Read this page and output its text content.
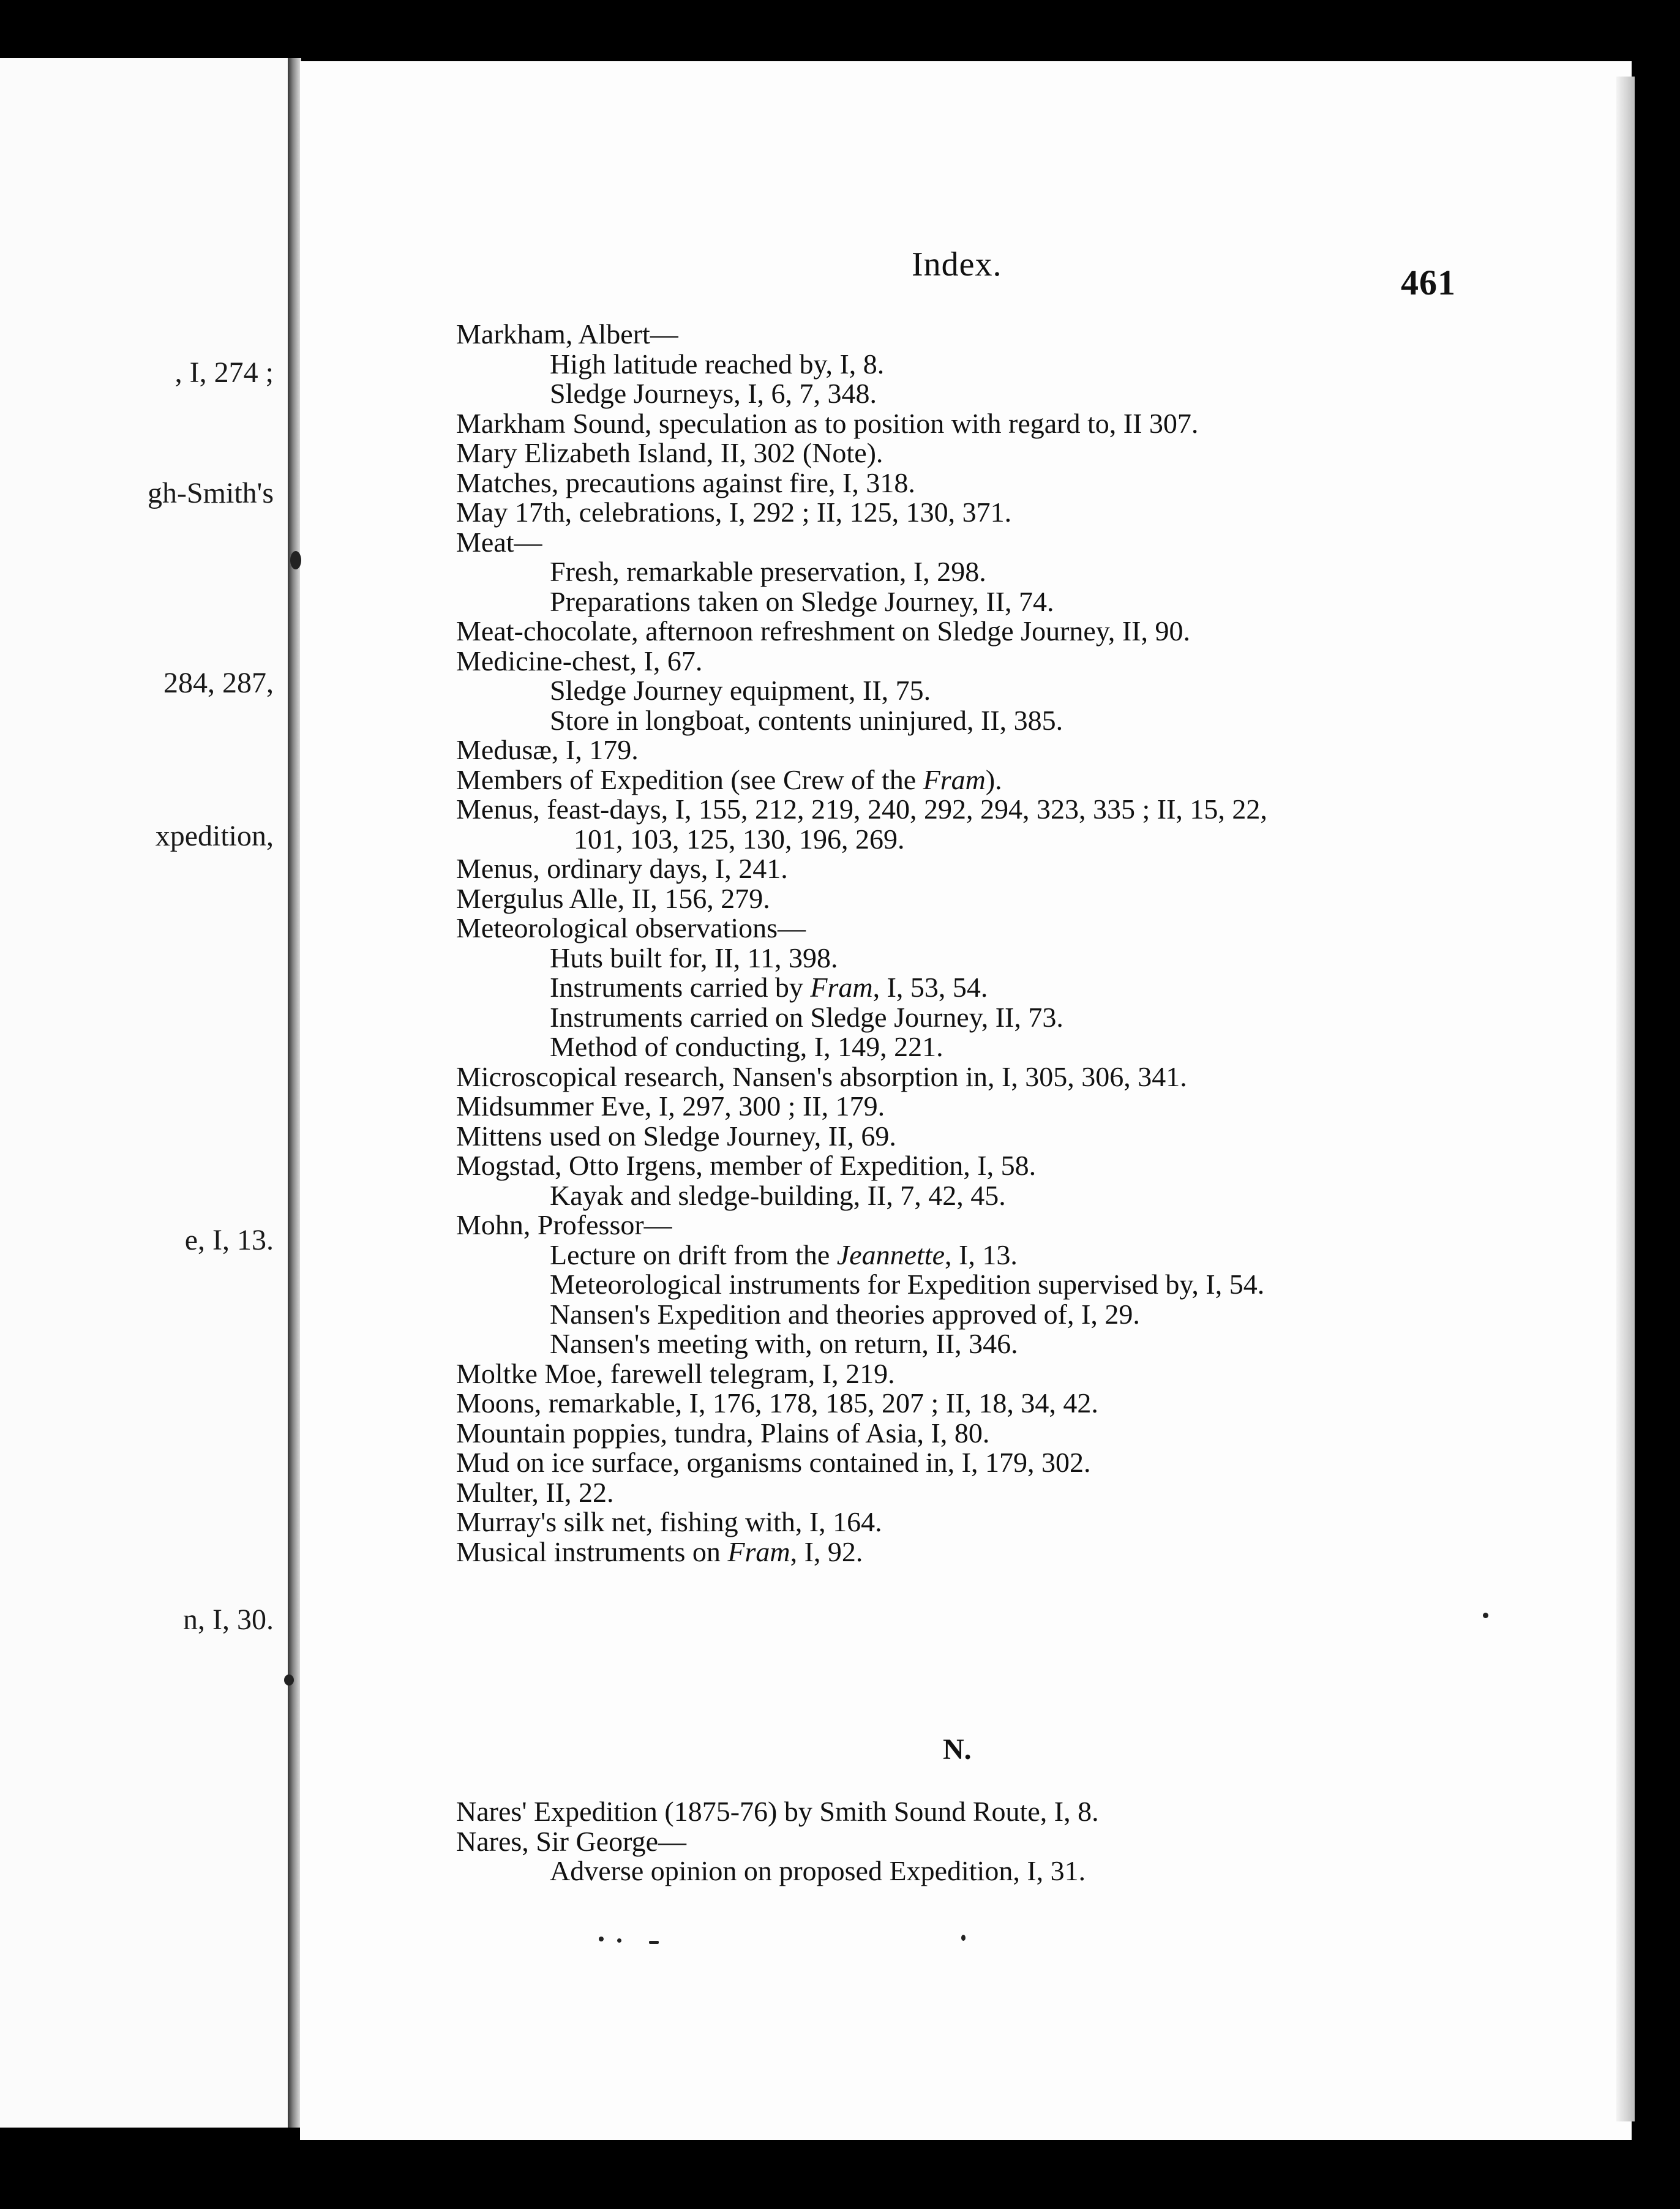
, I, 274 ;
gh-Smith's
284, 287,
xpedition,
e, I, 13.
n, I, 30.
Index.	461
Markham, Albert—
High latitude reached by, I, 8.
Sledge Journeys, I, 6, 7, 348.
Markham Sound, speculation as to position with regard to, II 307.
Mary Elizabeth Island, II, 302 (Note).
Matches, precautions against fire, I, 318.
May 17th, celebrations, I, 292 ; II, 125, 130, 371.
Meat—
Fresh, remarkable preservation, I, 298.
Preparations taken on Sledge Journey, II, 74.
Meat-chocolate, afternoon refreshment on Sledge Journey, II, 90.
Medicine-chest, I, 67.
Sledge Journey equipment, II, 75.
Store in longboat, contents uninjured, II, 385.
Medusæ, I, 179.
Members of Expedition (see Crew of the Fram).
Menus, feast-days, I, 155, 212, 219, 240, 292, 294, 323, 335 ; II, 15, 22,
101, 103, 125, 130, 196, 269.
Menus, ordinary days, I, 241.
Mergulus Alle, II, 156, 279.
Meteorological observations—
Huts built for, II, 11, 398.
Instruments carried by Fram, I, 53, 54.
Instruments carried on Sledge Journey, II, 73.
Method of conducting, I, 149, 221.
Microscopical research, Nansen's absorption in, I, 305, 306, 341.
Midsummer Eve, I, 297, 300 ; II, 179.
Mittens used on Sledge Journey, II, 69.
Mogstad, Otto Irgens, member of Expedition, I, 58.
Kayak and sledge-building, II, 7, 42, 45.
Mohn, Professor—
Lecture on drift from the Jeannette, I, 13.
Meteorological instruments for Expedition supervised by, I, 54.
Nansen's Expedition and theories approved of, I, 29.
Nansen's meeting with, on return, II, 346.
Moltke Moe, farewell telegram, I, 219.
Moons, remarkable, I, 176, 178, 185, 207 ; II, 18, 34, 42.
Mountain poppies, tundra, Plains of Asia, I, 80.
Mud on ice surface, organisms contained in, I, 179, 302.
Multer, II, 22.
Murray's silk net, fishing with, I, 164.
Musical instruments on Fram, I, 92.
N.
Nares' Expedition (1875-76) by Smith Sound Route, I, 8.
Nares, Sir George—
Adverse opinion on proposed Expedition, I, 31.
